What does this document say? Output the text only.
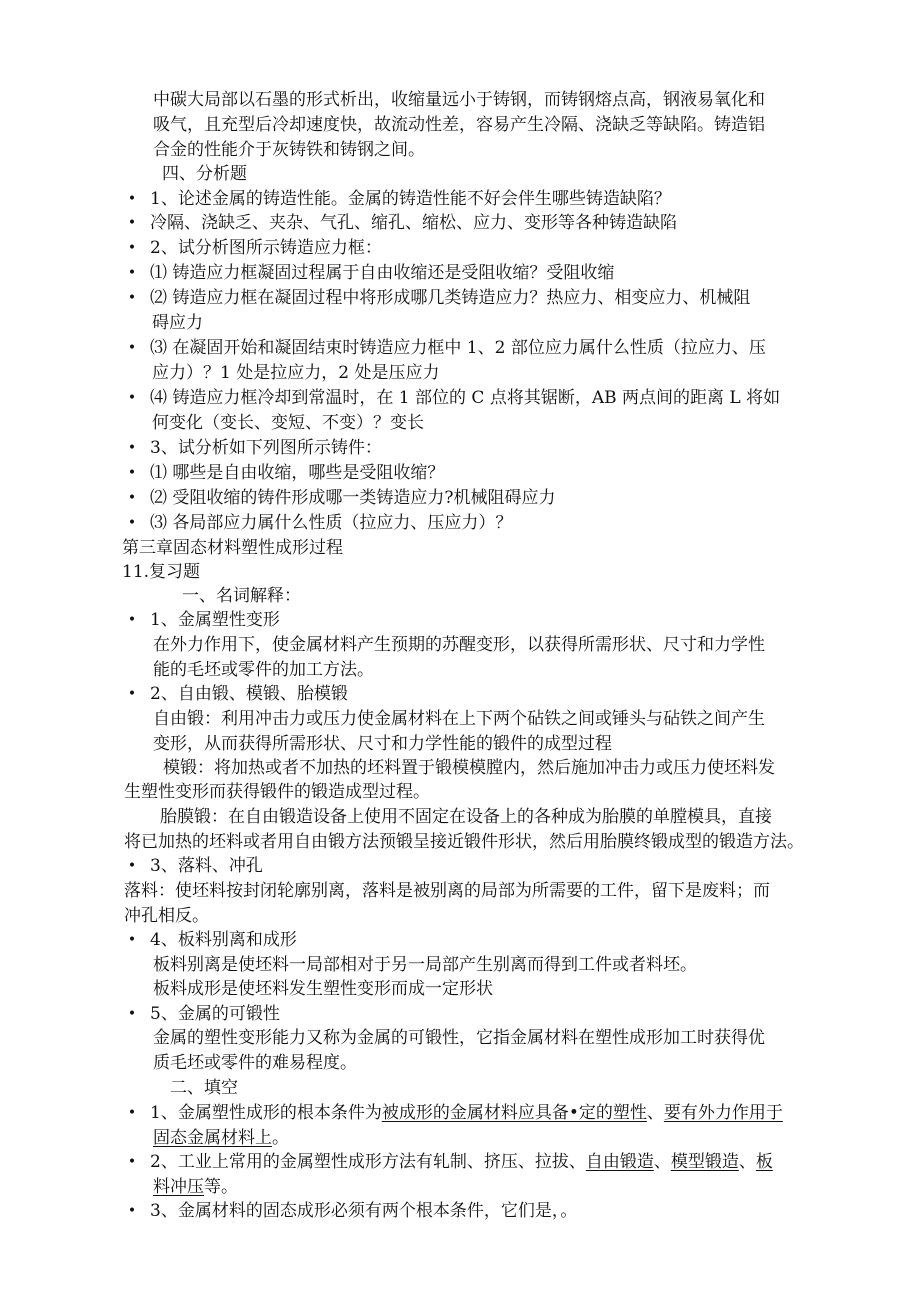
中碳大局部以石墨的形式析出，收缩量远小于铸钢，而铸钢熔点高，钢液易氧化和
吸气，且充型后冷却速度快，故流动性差，容易产生冷隔、浇缺乏等缺陷。铸造铝
合金的性能介于灰铸铁和铸钢之间。
四、分析题
• 1、论述金属的铸造性能。金属的铸造性能不好会伴生哪些铸造缺陷？
• 冷隔、浇缺乏、夹杂、气孔、缩孔、缩松、应力、变形等各种铸造缺陷
• 2、试分析图所示铸造应力框：
• ⑴ 铸造应力框凝固过程属于自由收缩还是受阻收缩？受阻收缩
• ⑵ 铸造应力框在凝固过程中将形成哪几类铸造应力？热应力、相变应力、机械阻
碍应力
• ⑶ 在凝固开始和凝固结束时铸造应力框中 1、2 部位应力属什么性质（拉应力、压
应力）？1 处是拉应力，2 处是压应力
• ⑷ 铸造应力框冷却到常温时，在 1 部位的 C 点将其锯断，AB 两点间的距离 L 将如
何变化（变长、变短、不变）？变长
• 3、试分析如下列图所示铸件：
• ⑴ 哪些是自由收缩，哪些是受阻收缩？
• ⑵ 受阻收缩的铸件形成哪一类铸造应力?机械阻碍应力
• ⑶ 各局部应力属什么性质（拉应力、压应力）？
第三章固态材料塑性成形过程
11.复习题
一、名词解释：
• 1、金属塑性变形
在外力作用下，使金属材料产生预期的苏醒变形，以获得所需形状、尺寸和力学性
能的毛坯或零件的加工方法。
• 2、自由锻、模锻、胎模锻
自由锻：利用冲击力或压力使金属材料在上下两个砧铁之间或锤头与砧铁之间产生
变形，从而获得所需形状、尺寸和力学性能的锻件的成型过程
模锻：将加热或者不加热的坯料置于锻模模膛内，然后施加冲击力或压力使坯料发
生塑性变形而获得锻件的锻造成型过程。
胎膜锻：在自由锻造设备上使用不固定在设备上的各种成为胎膜的单膛模具，直接
将已加热的坯料或者用自由锻方法预锻呈接近锻件形状，然后用胎膜终锻成型的锻造方法。
• 3、落料、冲孔
落料：使坯料按封闭轮廓别离，落料是被别离的局部为所需要的工件，留下是废料；而
冲孔相反。
• 4、板料别离和成形
板料别离是使坯料一局部相对于另一局部产生别离而得到工件或者料坯。
板料成形是使坯料发生塑性变形而成一定形状
• 5、金属的可锻性
金属的塑性变形能力又称为金属的可锻性，它指金属材料在塑性成形加工时获得优
质毛坯或零件的难易程度。
二、填空
• 1、金属塑性成形的根本条件为被成形的金属材料应具备•定的塑性、要有外力作用于
固态金属材料上。
• 2、工业上常用的金属塑性成形方法有轧制、挤压、拉拔、自由锻造、模型锻造、板
料冲压等。
• 3、金属材料的固态成形必须有两个根本条件，它们是，。
